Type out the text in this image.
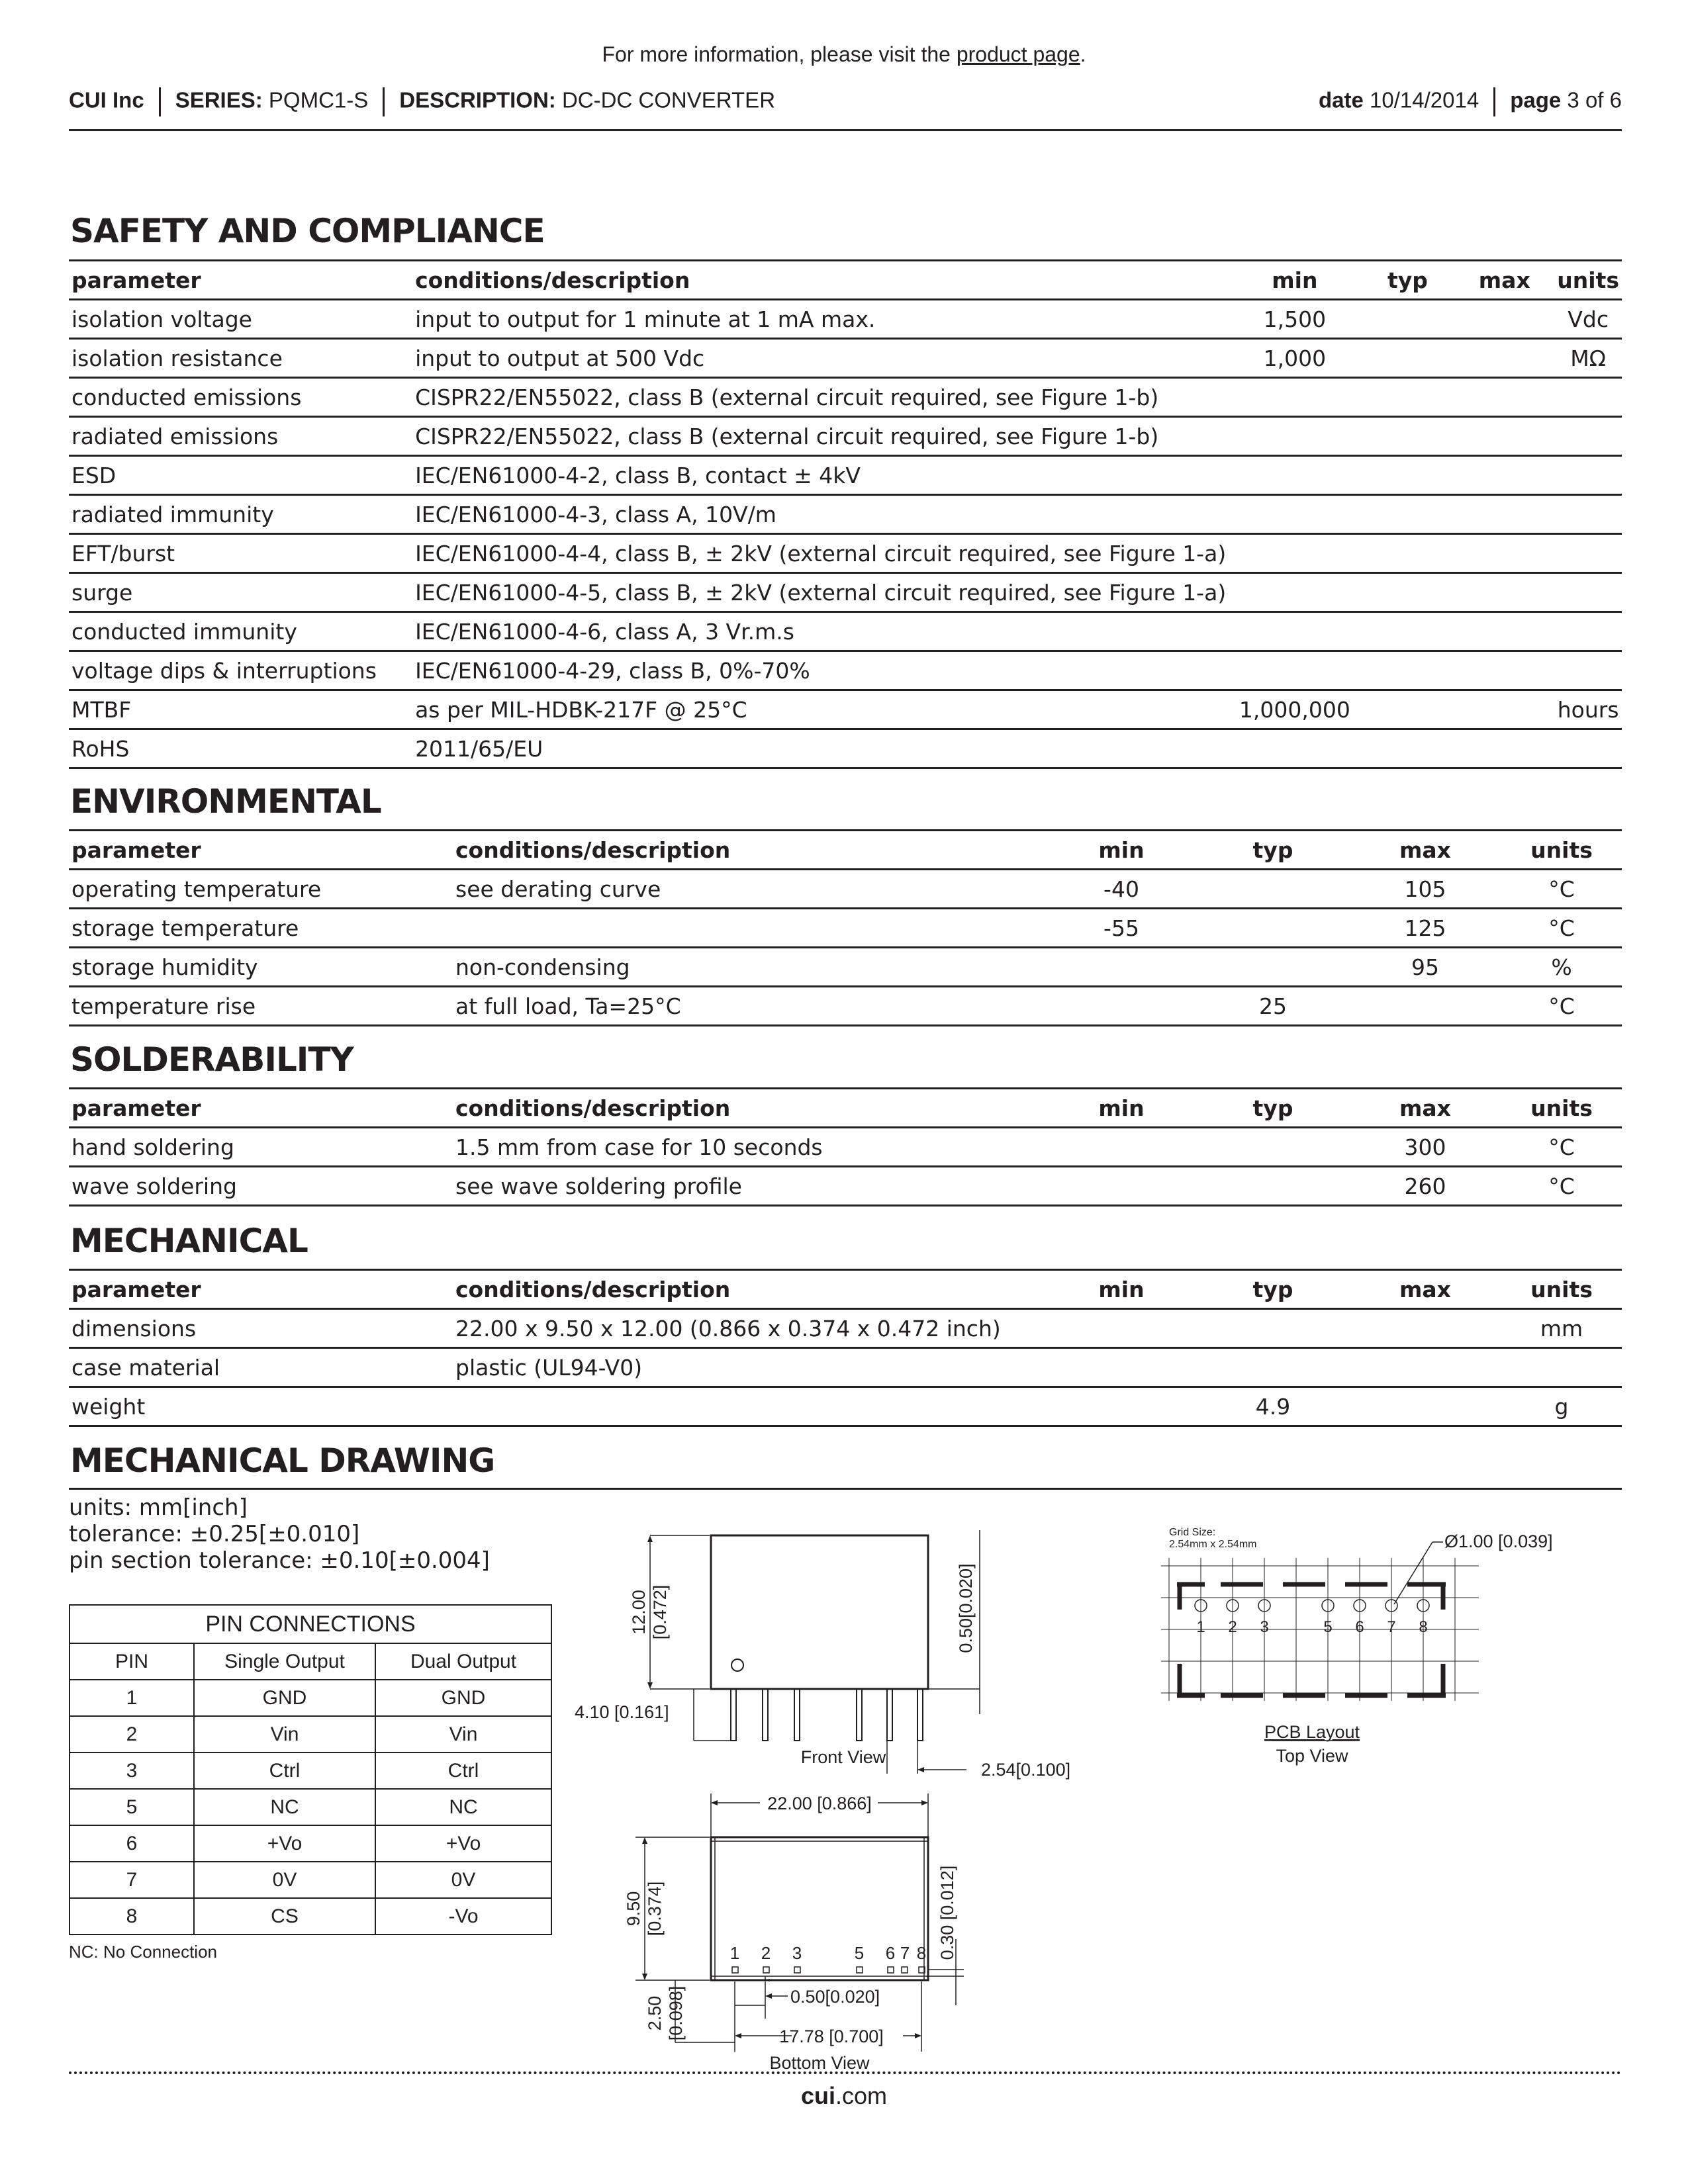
For more information, please visit the product page.
CUI Inc SERIES: PQMC1-S DESCRIPTION: DC-DC CONVERTER	date 10/14/2014 page 3 of 6
SAFETY AND COMPLIANCE
ENVIRONMENTAL
SOLDERABILITY
MECHANICAL
MECHANICAL DRAWING
parameter	conditions/description	min	typ	max	units
isolation voltage	input to output for 1 minute at 1 mA max.	1,500			Vdc
isolation resistance	input to output at 500 Vdc	1,000			MΩ
conducted emissions	CISPR22/EN55022, class B (external circuit required, see Figure 1-b)				
radiated emissions	CISPR22/EN55022, class B (external circuit required, see Figure 1-b)				
ESD	IEC/EN61000-4-2, class B, contact ± 4kV				
radiated immunity	IEC/EN61000-4-3, class A, 10V/m				
EFT/burst	IEC/EN61000-4-4, class B, ± 2kV (external circuit required, see Figure 1-a)				
surge	IEC/EN61000-4-5, class B, ± 2kV (external circuit required, see Figure 1-a)				
conducted immunity	IEC/EN61000-4-6, class A, 3 Vr.m.s				
voltage dips & interruptions	IEC/EN61000-4-29, class B, 0%-70%				
MTBF	as per MIL-HDBK-217F @ 25°C	1,000,000			hours
RoHS	2011/65/EU				
parameter	conditions/description	min	typ	max	units
operating temperature	see derating curve	-40		105	°C
storage temperature		-55		125	°C
storage humidity	non-condensing			95	%
temperature rise	at full load, Ta=25°C		25		°C
parameter	conditions/description	min	typ	max	units
hand soldering	1.5 mm from case for 10 seconds			300	°C
wave soldering	see wave soldering profile			260	°C
parameter	conditions/description	min	typ	max	units
dimensions	22.00 x 9.50 x 12.00 (0.866 x 0.374 x 0.472 inch)				mm
case material	plastic (UL94-V0)				
weight			4.9		g
units: mm[inch]
tolerance: ±0.25[±0.010]
pin section tolerance: ±0.10[±0.004]
PIN CONNECTIONS		
PIN	Single Output	Dual Output
1	GND	GND
2	Vin	Vin
3	Ctrl	Ctrl
5	NC	NC
6	+Vo	+Vo
7	0V	0V
8	CS	-Vo
NC: No Connection
12.00 [0.472]	0.50[0.020]
4.10 [0.161]
2.54[0.100]
Front View
22.00 [0.866]
9.50 [0.374]
1 2 3	5 6 7 8 0.30 [0.012]
0.50[0.020]
2.50 [0.098]	17.78 [0.700]
Bottom View
Grid Size:
2.54mm x 2.54mm	Ø1.00 [0.039]
1 2 3	5 6 7 8
PCB Layout
Top View
cui.com
